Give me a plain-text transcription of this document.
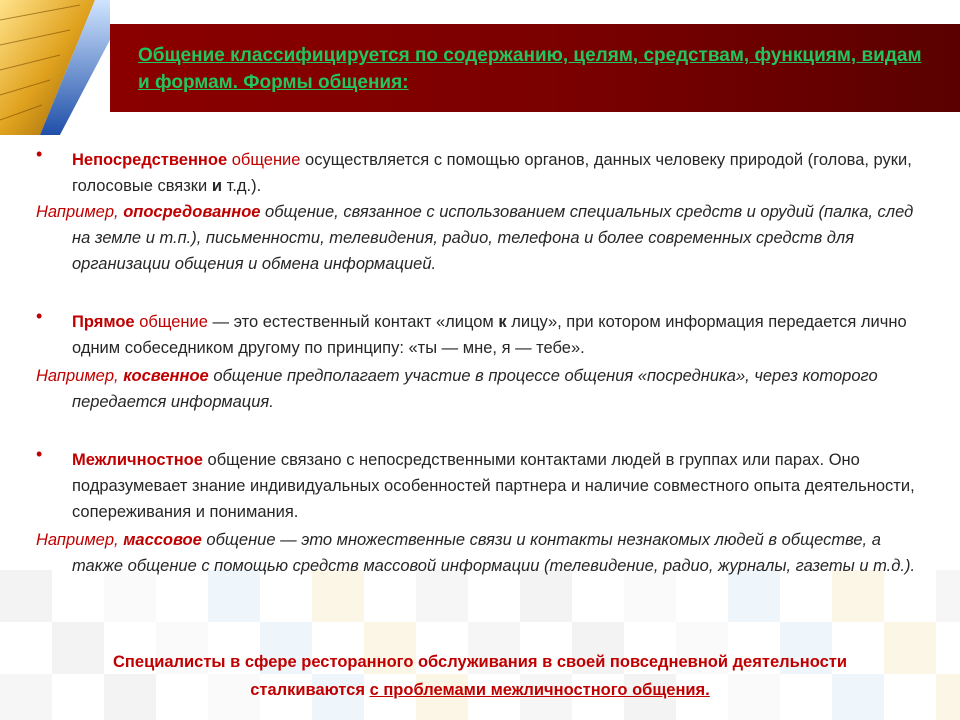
Общение классифицируется по содержанию, целям, средствам, функциям, видам и формам. Формы общения:
• Непосредственное общение осуществляется с помощью органов, данных человеку природой (голова, руки, голосовые связки и т.д.).
Например, опосредованное общение, связанное с использованием специальных средств и орудий (палка, след на земле и т.п.), письменности, телевидения, радио, телефона и более современных средств для организации общения и обмена информацией.
• Прямое общение — это естественный контакт «лицом к лицу», при котором информация передается лично одним собеседником другому по принципу: «ты — мне, я — тебе».
Например, косвенное общение предполагает участие в процессе общения «посредника», через которого передается информация.
• Межличностное общение связано с непосредственными контактами людей в группах или парах. Оно подразумевает знание индивидуальных особенностей партнера и наличие совместного опыта деятельности, сопереживания и понимания.
Например, массовое общение — это множественные связи и контакты незнакомых людей в обществе, а также общение с помощью средств массовой информации (телевидение, радио, журналы, газеты и т.д.).
Специалисты в сфере ресторанного обслуживания в своей повседневной деятельности
сталкиваются с проблемами межличностного общения.
